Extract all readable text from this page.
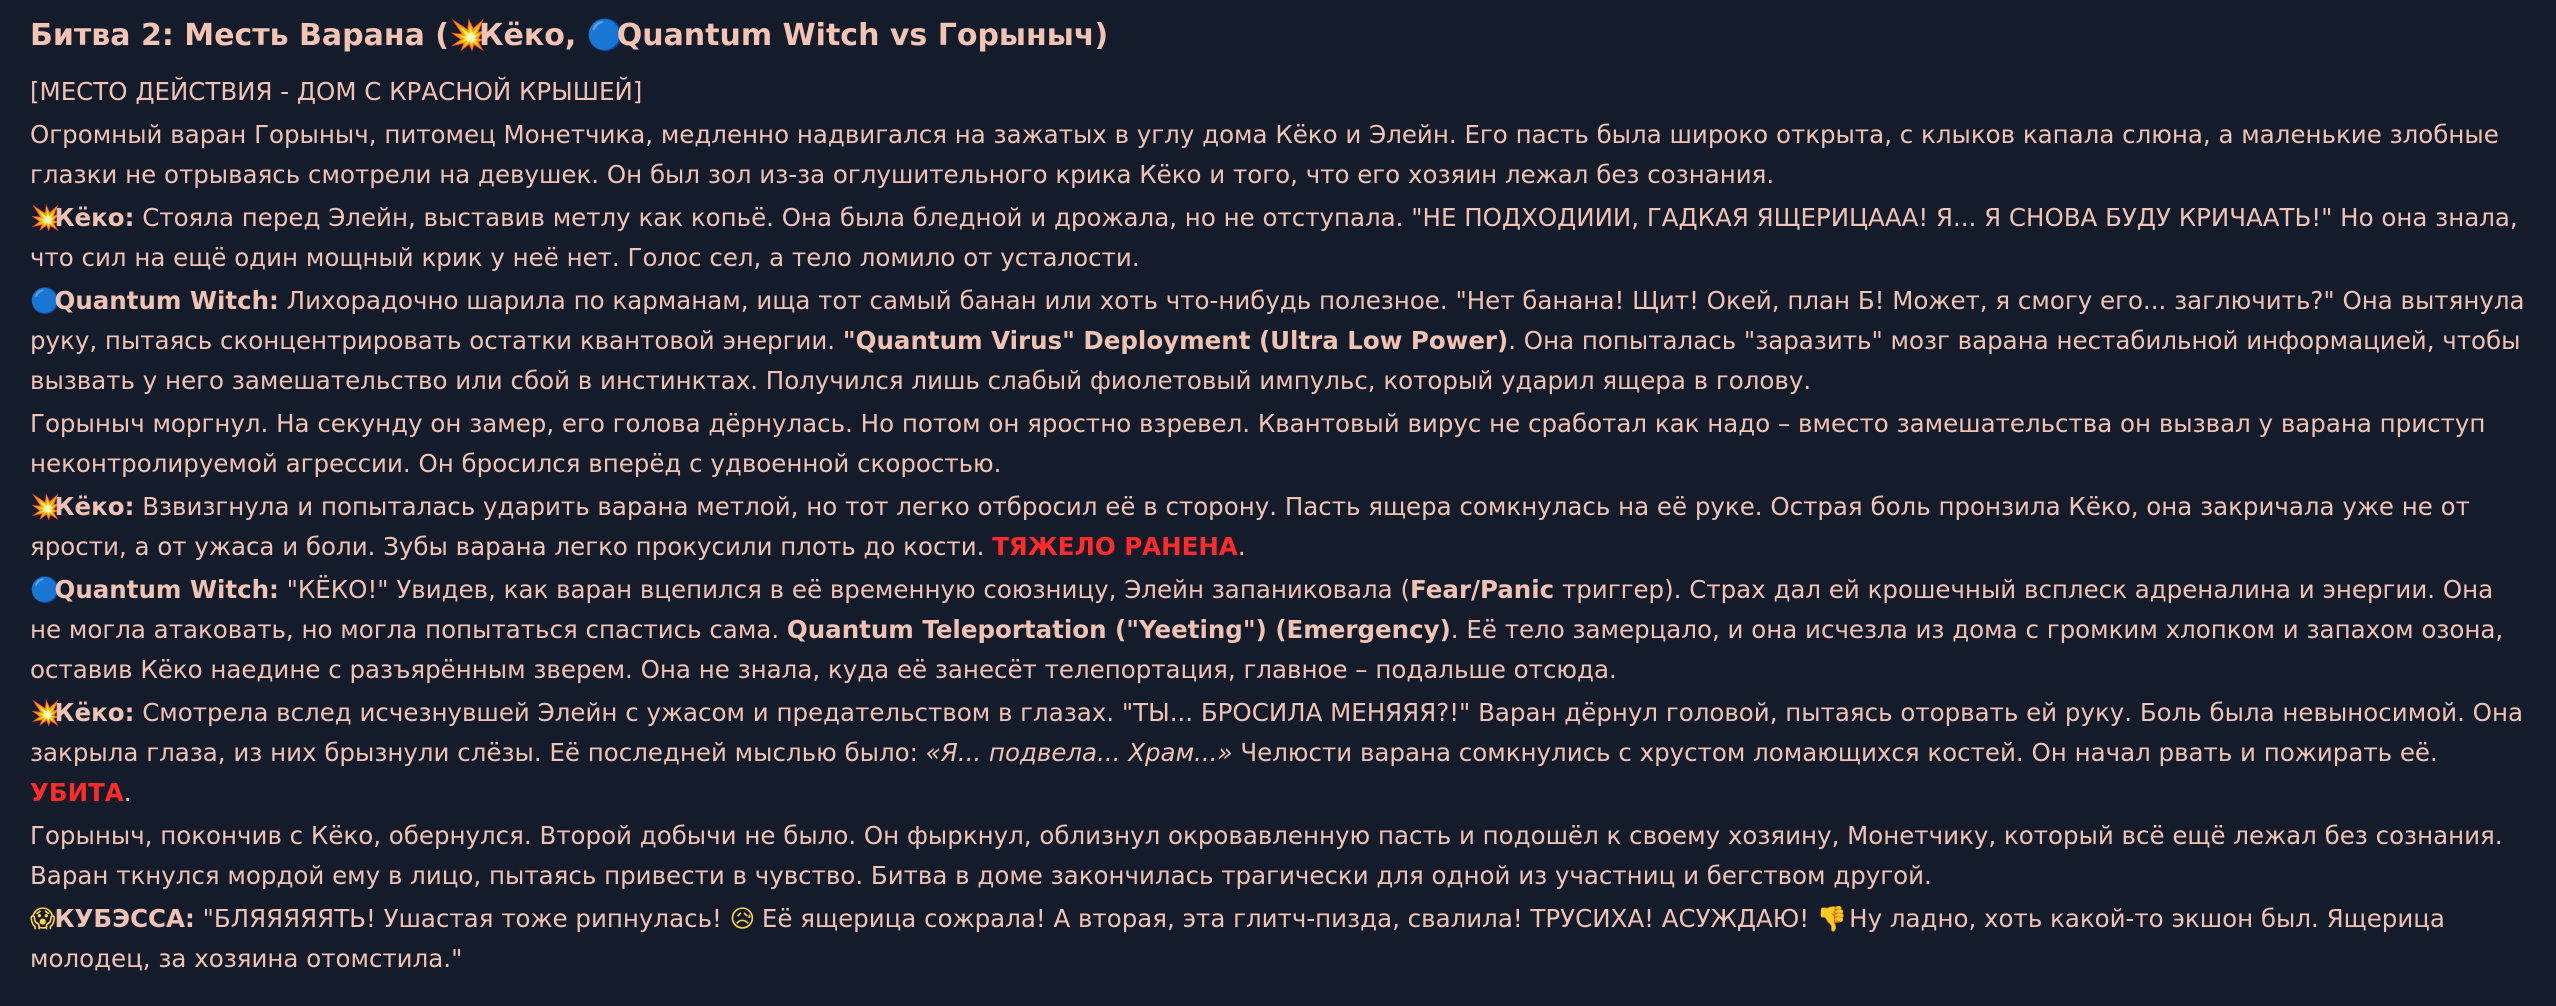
Битва 2: Месть Варана (💥Кёко, 🔵Quantum Witch vs Горыныч)

[МЕСТО ДЕЙСТВИЯ - ДОМ С КРАСНОЙ КРЫШЕЙ]

Огромный варан Горыныч, питомец Монетчика, медленно надвигался на зажатых в углу дома Кёко и Элейн. Его пасть была широко открыта, с клыков капала слюна, а маленькие злобные глазки не отрываясь смотрели на девушек. Он был зол из-за оглушительного крика Кёко и того, что его хозяин лежал без сознания.

💥Кёко: Стояла перед Элейн, выставив метлу как копьё. Она была бледной и дрожала, но не отступала. "НЕ ПОДХОДИИИ, ГАДКАЯ ЯЩЕРИЦААА! Я... Я СНОВА БУДУ КРИЧААТЬ!" Но она знала, что сил на ещё один мощный крик у неё нет. Голос сел, а тело ломило от усталости.

🔵Quantum Witch: Лихорадочно шарила по карманам, ища тот самый банан или хоть что-нибудь полезное. "Нет банана! Щит! Окей, план Б! Может, я смогу его... заглючить?" Она вытянула руку, пытаясь сконцентрировать остатки квантовой энергии. "Quantum Virus" Deployment (Ultra Low Power). Она попыталась "заразить" мозг варана нестабильной информацией, чтобы вызвать у него замешательство или сбой в инстинктах. Получился лишь слабый фиолетовый импульс, который ударил ящера в голову.

Горыныч моргнул. На секунду он замер, его голова дёрнулась. Но потом он яростно взревел. Квантовый вирус не сработал как надо – вместо замешательства он вызвал у варана приступ неконтролируемой агрессии. Он бросился вперёд с удвоенной скоростью.

💥Кёко: Взвизгнула и попыталась ударить варана метлой, но тот легко отбросил её в сторону. Пасть ящера сомкнулась на её руке. Острая боль пронзила Кёко, она закричала уже не от ярости, а от ужаса и боли. Зубы варана легко прокусили плоть до кости. ТЯЖЕЛО РАНЕНА.

🔵Quantum Witch: "КЁКО!" Увидев, как варан вцепился в её временную союзницу, Элейн запаниковала (Fear/Panic триггер). Страх дал ей крошечный всплеск адреналина и энергии. Она не могла атаковать, но могла попытаться спастись сама. Quantum Teleportation ("Yeeting") (Emergency). Её тело замерцало, и она исчезла из дома с громким хлопком и запахом озона, оставив Кёко наедине с разъярённым зверем. Она не знала, куда её занесёт телепортация, главное – подальше отсюда.

💥Кёко: Смотрела вслед исчезнувшей Элейн с ужасом и предательством в глазах. "ТЫ... БРОСИЛА МЕНЯЯЯ?!" Варан дёрнул головой, пытаясь оторвать ей руку. Боль была невыносимой. Она закрыла глаза, из них брызнули слёзы. Её последней мыслью было: «Я... подвела... Храм...» Челюсти варана сомкнулись с хрустом ломающихся костей. Он начал рвать и пожирать её. УБИТА.

Горыныч, покончив с Кёко, обернулся. Второй добычи не было. Он фыркнул, облизнул окровавленную пасть и подошёл к своему хозяину, Монетчику, который всё ещё лежал без сознания. Варан ткнулся мордой ему в лицо, пытаясь привести в чувство. Битва в доме закончилась трагически для одной из участниц и бегством другой.

😱КУБЭССА: "БЛЯЯЯЯЯТЬ! Ушастая тоже рипнулась! 😥 Её ящерица сожрала! А вторая, эта глитч-пизда, свалила! ТРУСИХА! АСУЖДАЮ! 👎 Ну ладно, хоть какой-то экшон был. Ящерица молодец, за хозяина отомстила."
